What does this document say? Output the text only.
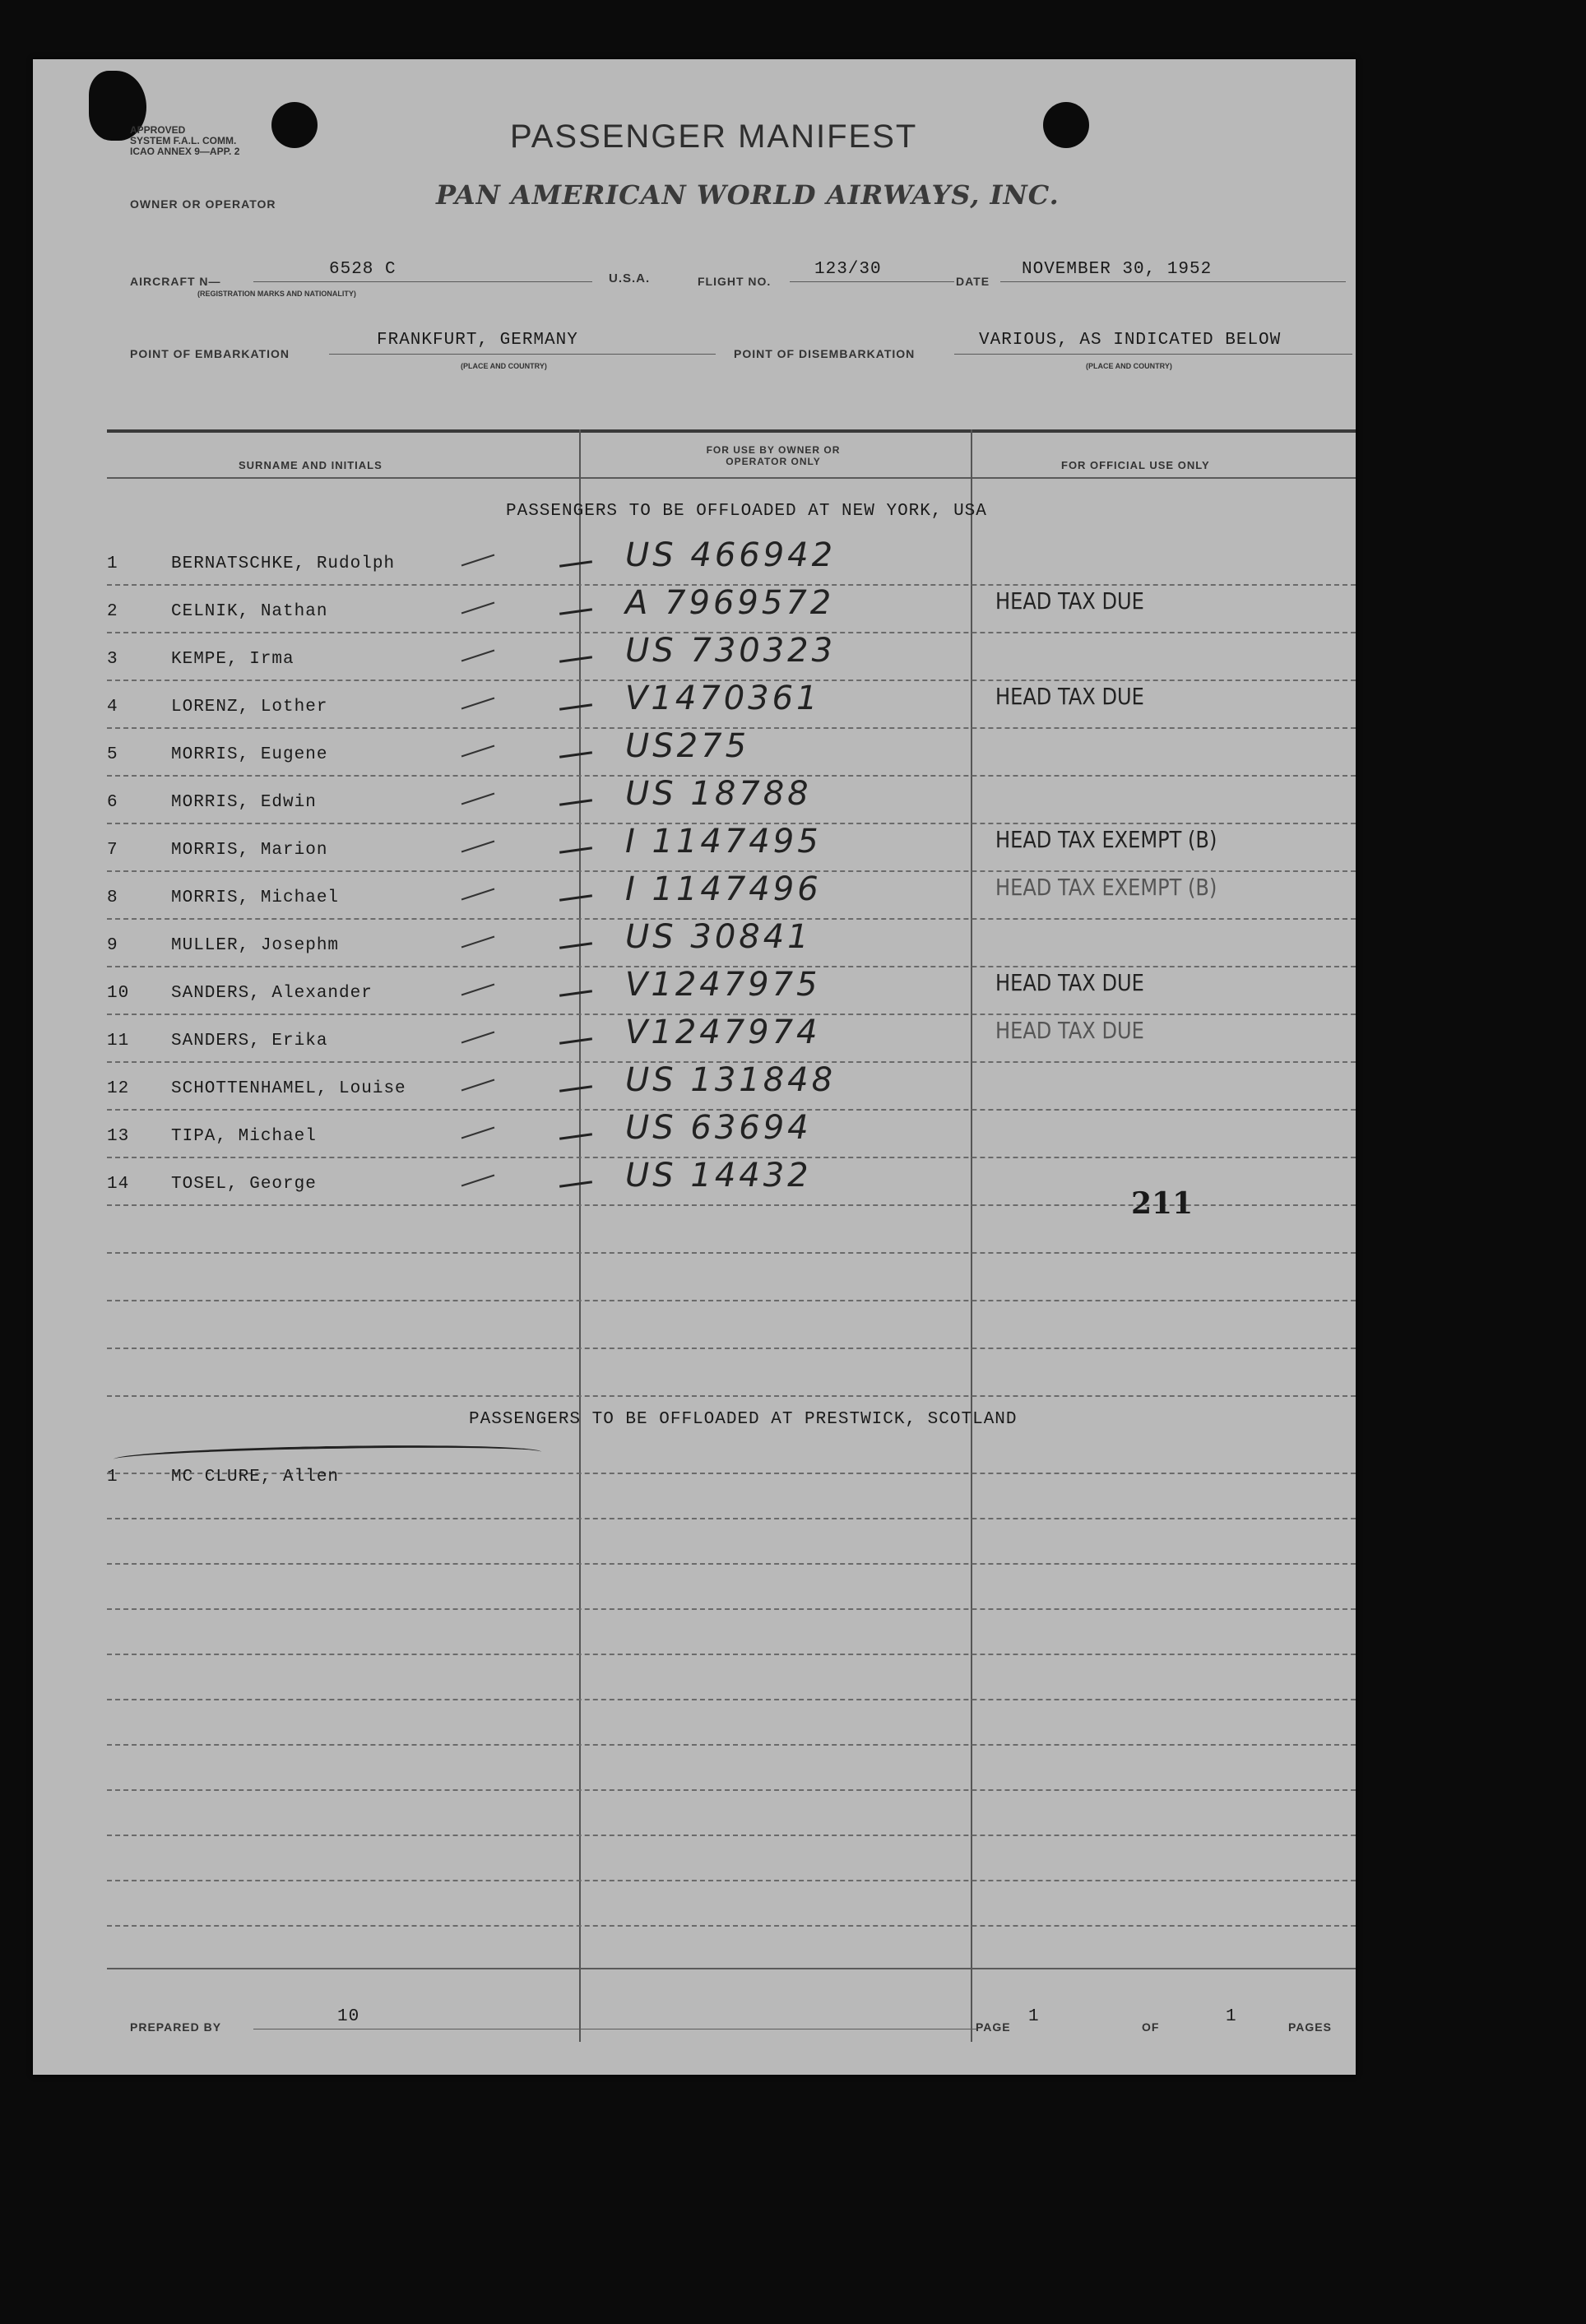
APPROVED
SYSTEM F.A.L. COMM.
ICAO ANNEX 9—APP. 2	PASSENGER MANIFEST
OWNER OR OPERATOR	PAN AMERICAN WORLD AIRWAYS, INC.
AIRCRAFT N—
6528 C
(REGISTRATION MARKS AND NATIONALITY)
U.S.A.	FLIGHT NO.
123/30
DATE
NOVEMBER 30, 1952
POINT OF EMBARKATION
FRANKFURT, GERMANY
(PLACE AND COUNTRY)
POINT OF DISEMBARKATION
VARIOUS, AS INDICATED BELOW
(PLACE AND COUNTRY)
SURNAME AND INITIALS
FOR USE BY OWNER OR OPERATOR ONLY	FOR OFFICIAL USE ONLY
PASSENGERS TO BE OFFLOADED AT NEW YORK, USA
1	BERNATSCHKE, Rudolph	US 466942
2	CELNIK, Nathan	A 7969572	HEAD TAX DUE
3	KEMPE, Irma	US 730323
4	LORENZ, Lother	V1470361	HEAD TAX DUE
5	MORRIS, Eugene	US275
6	MORRIS, Edwin	US 18788
7	MORRIS, Marion	I 1147495	HEAD TAX EXEMPT (B)
8	MORRIS, Michael	I 1147496	HEAD TAX EXEMPT (B)
9	MULLER, Josephm	US 30841
10 SANDERS, Alexander	V1247975	HEAD TAX DUE
11 SANDERS, Erika	V1247974	HEAD TAX DUE
12 SCHOTTENHAMEL, Louise	US 131848
13 TIPA, Michael	US 63694
14 TOSEL, George	US 14432
211
PASSENGERS TO BE OFFLOADED AT PRESTWICK, SCOTLAND
1	MC CLURE, Allen
PREPARED BY
10
PAGE
1
OF
1
PAGES
